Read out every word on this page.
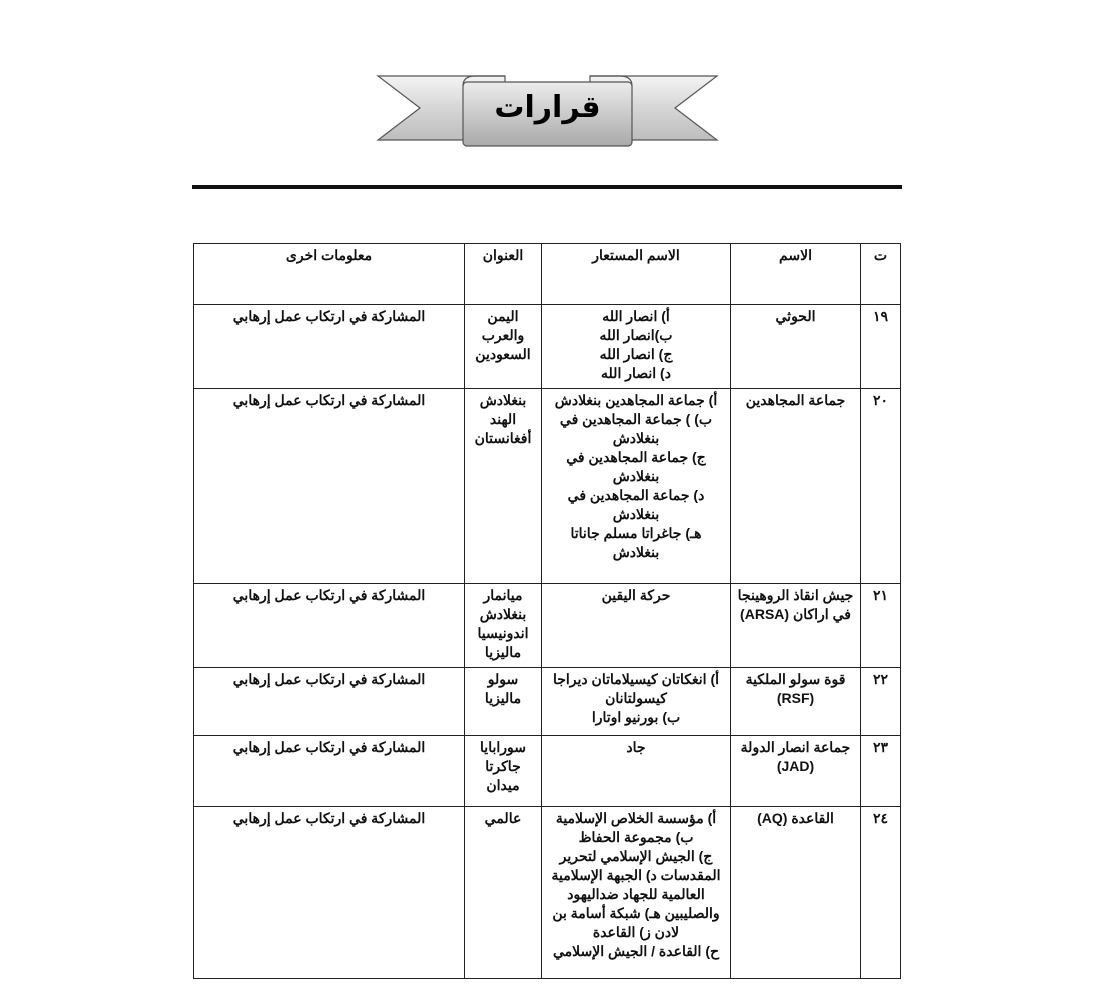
قرارات
ت	الاسم	الاسم المستعار	العنوان	معلومات اخرى
١٩	الحوثي	أ) انصار الله
ب)انصار الله
ج) انصار الله
د) انصار الله	اليمن
والعرب
السعودين	المشاركة في ارتكاب عمل إرهابي
٢٠	جماعة المجاهدين	أ) جماعة المجاهدين بنغلادش
ب) ) جماعة المجاهدين في بنغلادش
ج) جماعة المجاهدين في بنغلادش
د) جماعة المجاهدين في بنغلادش
هـ) جاغراتا مسلم جاناتا بنغلادش	بنغلادش
الهند
أفغانستان	المشاركة في ارتكاب عمل إرهابي
٢١	جيش انقاذ الروهينجا في اراكان (ARSA)	حركة اليقين	ميانمار
بنغلادش
اندونيسيا
ماليزيا	المشاركة في ارتكاب عمل إرهابي
٢٢	قوة سولو الملكية (RSF)	أ) انغكاتان كيسيلاماتان ديراجا كيسولتانان
ب) بورنيو اوتارا	سولو
ماليزيا	المشاركة في ارتكاب عمل إرهابي
٢٣	جماعة انصار الدولة (JAD)	جاد	سورابايا
جاكرتا
ميدان	المشاركة في ارتكاب عمل إرهابي
٢٤	القاعدة (AQ)	أ) مؤسسة الخلاص الإسلامية
ب) مجموعة الحفاظ
ج) الجيش الإسلامي لتحرير المقدسات د) الجبهة الإسلامية العالمية للجهاد ضداليهود والصليبين هـ) شبكة أسامة بن لادن ز) القاعدة
ح) القاعدة / الجيش الإسلامي	عالمي	المشاركة في ارتكاب عمل إرهابي
